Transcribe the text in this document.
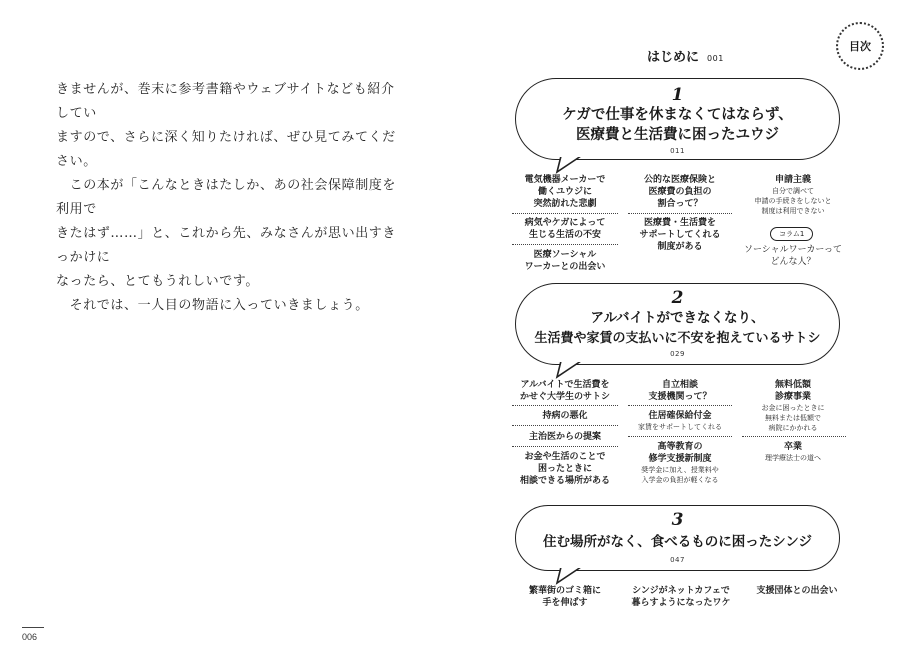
きませんが、巻末に参考書籍やウェブサイトなども紹介してい

ますので、さらに深く知りたければ、ぜひ見てみてください。

　この本が「こんなときはたしか、あの社会保障制度を利用で

きたはず……」と、これから先、みなさんが思い出すきっかけに

なったら、とてもうれしいです。

　それでは、一人目の物語に入っていきましょう。

006
目次
はじめに 001
1
ケガで仕事を休まなくてはならず、
医療費と生活費に困ったユウジ
011
電気機器メーカーで
働くユウジに
突然訪れた悲劇
病気やケガによって
生じる生活の不安
医療ソーシャル
ワーカーとの出会い
公的な医療保険と
医療費の負担の
割合って？
医療費・生活費を
サポートしてくれる
制度がある
申請主義
自分で調べて
申請の手続きをしないと
制度は利用できない
コラム1
ソーシャルワーカーって
どんな人？
2
アルバイトができなくなり、
生活費や家賃の支払いに不安を抱えているサトシ
029
アルバイトで生活費を
かせぐ大学生のサトシ
持病の悪化
主治医からの提案
お金や生活のことで
困ったときに
相談できる場所がある
自立相談
支援機関って？
住居確保給付金
家賃をサポートしてくれる
高等教育の
修学支援新制度
奨学金に加え、授業料や
入学金の負担が軽くなる
無料低額
診療事業
お金に困ったときに
無料または低額で
病院にかかれる
卒業
理学療法士の道へ
3
住む場所がなく、食べるものに困ったシンジ
047
繁華街のゴミ箱に
手を伸ばす
シンジがネットカフェで
暮らすようになったワケ
支援団体との出会い
